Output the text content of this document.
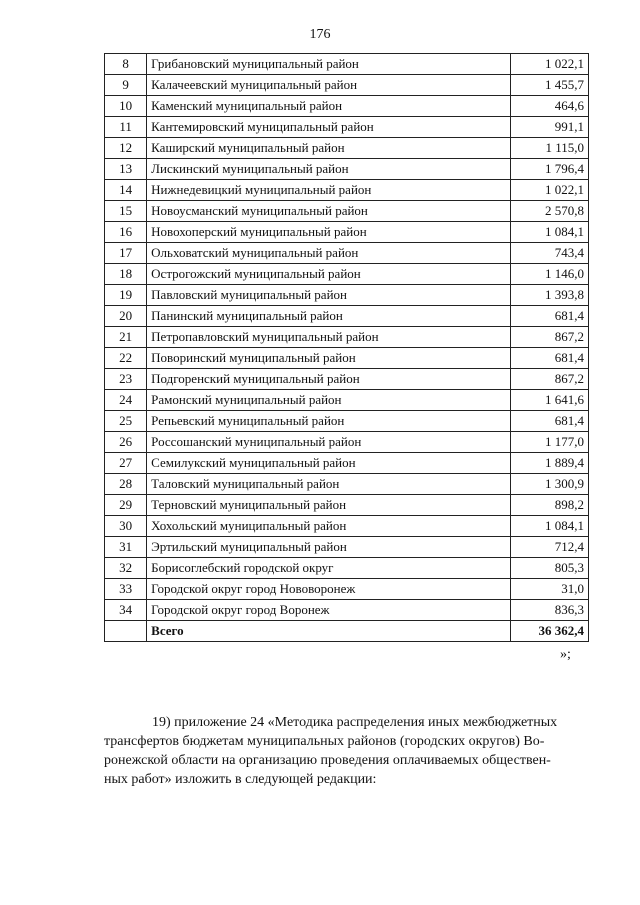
176
8	Грибановский муниципальный район	1 022,1
9	Калачеевский муниципальный район	1 455,7
10	Каменский муниципальный район	464,6
11	Кантемировский муниципальный район	991,1
12	Каширский муниципальный район	1 115,0
13	Лискинский муниципальный район	1 796,4
14	Нижнедевицкий муниципальный район	1 022,1
15	Новоусманский муниципальный район	2 570,8
16	Новохоперский муниципальный район	1 084,1
17	Ольховатский муниципальный район	743,4
18	Острогожский муниципальный район	1 146,0
19	Павловский муниципальный район	1 393,8
20	Панинский муниципальный район	681,4
21	Петропавловский муниципальный район	867,2
22	Поворинский муниципальный район	681,4
23	Подгоренский муниципальный район	867,2
24	Рамонский муниципальный район	1 641,6
25	Репьевский муниципальный район	681,4
26	Россошанский муниципальный район	1 177,0
27	Семилукский муниципальный район	1 889,4
28	Таловский муниципальный район	1 300,9
29	Терновский муниципальный район	898,2
30	Хохольский муниципальный район	1 084,1
31	Эртильский муниципальный район	712,4
32	Борисоглебский городской округ	805,3
33	Городской округ город Нововоронеж	31,0
34	Городской округ город Воронеж	836,3
	Всего	36 362,4
»;
19) приложение 24 «Методика распределения иных межбюджетных
трансфертов бюджетам муниципальных районов (городских округов) Во-
ронежской области на организацию проведения оплачиваемых обществен-
ных работ» изложить в следующей редакции:
